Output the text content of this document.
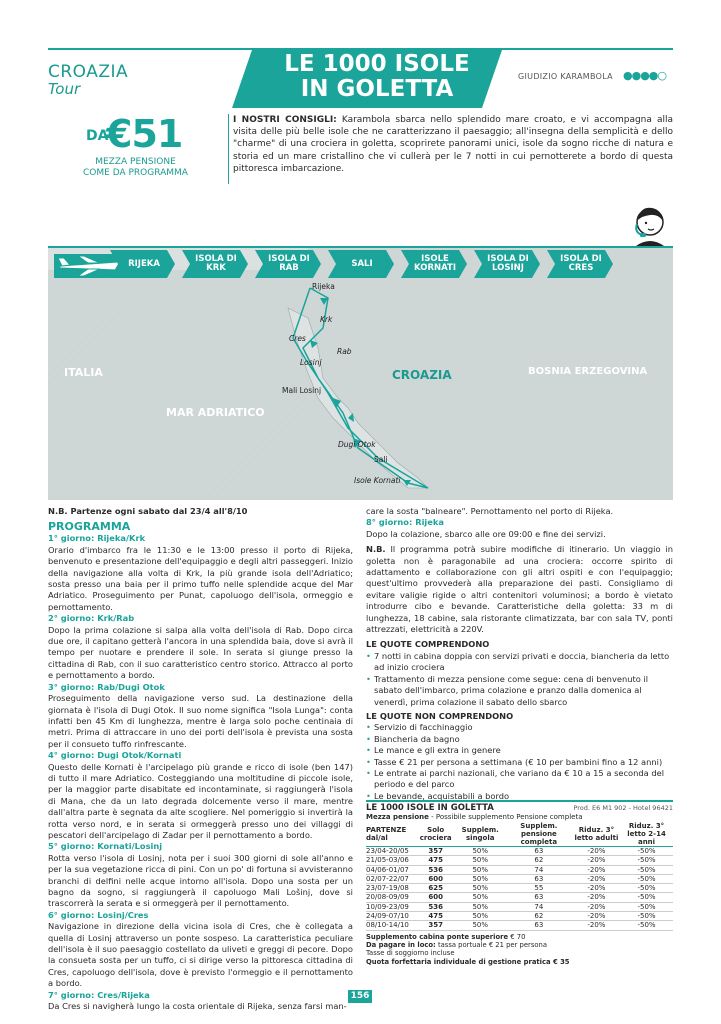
CROAZIA
Tour
LE 1000 ISOLE
IN GOLETTA	GIUDIZIO KARAMBOLA ●●●●○
DA
€51
MEZZA PENSIONE
COME DA PROGRAMMA
I NOSTRI CONSIGLI: Karambola sbarca nello splendido mare croato, e vi accompagna alla visita delle più belle isole che ne caratterizzano il paesaggio; all'insegna della semplicità e dello "charme" di una crociera in goletta, scoprirete panorami unici, isole da sogno ricche di natura e storia ed un mare cristallino che vi cullerà per le 7 notti in cui pernotterete a bordo di questa pittoresca imbarcazione.
RIJEKA	ISOLA DI KRK
ISOLA DI RAB	SALI	ISOLE KORNATI
ISOLA DI LOSINJ
ISOLA DI CRES
ITALIA	CROAZIA	BOSNIA ERZEGOVINA
MAR ADRIATICO
Rijeka
Krk
Cres
Rab
Losinj
Mali Losinj
Dugi Otok
Sali
Isole Kornati

N.B. Partenze ogni sabato dal 23/4 all'8/10

PROGRAMMA

1° giorno: Rijeka/Krk

Orario d'imbarco fra le 11:30 e le 13:00 presso il porto di Rijeka, benvenuto e presentazione dell'equipaggio e degli altri passeggeri. Inizio della navigazione alla volta di Krk, la più grande isola dell'Adriatico; sosta presso una baia per il primo tuffo nelle splendide acque del Mar Adriatico. Proseguimento per Punat, capoluogo dell'isola, ormeggio e pernottamento.

2° giorno: Krk/Rab

Dopo la prima colazione si salpa alla volta dell'isola di Rab. Dopo circa due ore, il capitano getterà l'ancora in una splendida baia, dove si avrà il tempo per nuotare e prendere il sole. In serata si giunge presso la cittadina di Rab, con il suo caratteristico centro storico. Attracco al porto e pernottamento a bordo.

3° giorno: Rab/Dugi Otok

Proseguimento della navigazione verso sud. La destinazione della giornata è l'isola di Dugi Otok. Il suo nome significa "Isola Lunga": conta infatti ben 45 Km di lunghezza, mentre è larga solo poche centinaia di metri. Prima di attraccare in uno dei porti dell'isola è prevista una sosta per il consueto tuffo rinfrescante.

4° giorno: Dugi Otok/Kornati

Questo delle Kornati è l'arcipelago più grande e ricco di isole (ben 147) di tutto il mare Adriatico. Costeggiando una moltitudine di piccole isole, per la maggior parte disabitate ed incontaminate, si raggiungerà l'isola di Mana, che da un lato degrada dolcemente verso il mare, mentre dall'altra parte è segnata da alte scogliere. Nel pomeriggio si invertirà la rotta verso nord, e in serata si ormeggerà presso uno dei villaggi di pescatori dell'arcipelago di Zadar per il pernottamento a bordo.

5° giorno: Kornati/Losinj

Rotta verso l'isola di Losinj, nota per i suoi 300 giorni di sole all'anno e per la sua vegetazione ricca di pini. Con un po' di fortuna si avvisteranno branchi di delfini nelle acque intorno all'isola. Dopo una sosta per un bagno da sogno, si raggiungerà il capoluogo Mali Lošinj, dove si trascorrerà la serata e si ormeggerà per il pernottamento.

6° giorno: Losinj/Cres

Navigazione in direzione della vicina isola di Cres, che è collegata a quella di Losinj attraverso un ponte sospeso. La caratteristica peculiare dell'isola è il suo paesaggio costellato da uliveti e greggi di pecore. Dopo la consueta sosta per un tuffo, ci si dirige verso la pittoresca cittadina di Cres, capoluogo dell'isola, dove è previsto l'ormeggio e il pernottamento a bordo.

7° giorno: Cres/Rijeka

Da Cres si navigherà lungo la costa orientale di Rijeka, senza farsi man-

care la sosta "balneare". Pernottamento nel porto di Rijeka.

8° giorno: Rijeka

Dopo la colazione, sbarco alle ore 09:00 e fine dei servizi.

N.B. Il programma potrà subire modifiche di itinerario. Un viaggio in goletta non è paragonabile ad una crociera: occorre spirito di adattamento e collaborazione con gli altri ospiti e con l'equipaggio; quest'ultimo provvederà alla preparazione dei pasti. Consigliamo di evitare valigie rigide o altri contenitori voluminosi; a bordo è vietato introdurre cibo e bevande. Caratteristiche della goletta: 33 m di lunghezza, 18 cabine, sala ristorante climatizzata, bar con sala TV, ponti attrezzati, elettricità a 220V.

LE QUOTE COMPRENDONO

• 7 notti in cabina doppia con servizi privati e doccia, biancheria da letto ad inizio crociera
• Trattamento di mezza pensione come segue: cena di benvenuto il sabato dell'imbarco, prima colazione e pranzo dalla domenica al venerdì, prima colazione il sabato dello sbarco

LE QUOTE NON COMPRENDONO

• Servizio di facchinaggio
• Biancheria da bagno
• Le mance e gli extra in genere
• Tasse € 21 per persona a settimana (€ 10 per bambini fino a 12 anni)
• Le entrate ai parchi nazionali, che variano da € 10 a 15 a seconda del periodo e del parco
• Le bevande, acquistabili a bordo
LE 1000 ISOLE IN GOLETTA	Prod. E6 M1 902 - Hotel 96421
Mezza pensione - Possibile supplemento Pensione completa
PARTENZE dal/al	Solo crociera	Supplem. singola	Supplem. pensione completa	Riduz. 3° letto adulti	Riduz. 3° letto 2-14 anni
23/04-20/05	357	50%	63	-20%	-50%
21/05-03/06	475	50%	62	-20%	-50%
04/06-01/07	536	50%	74	-20%	-50%
02/07-22/07	600	50%	63	-20%	-50%
23/07-19/08	625	50%	55	-20%	-50%
20/08-09/09	600	50%	63	-20%	-50%
10/09-23/09	536	50%	74	-20%	-50%
24/09-07/10	475	50%	62	-20%	-50%
08/10-14/10	357	50%	63	-20%	-50%
Supplemento cabina ponte superiore € 70
Da pagare in loco: tassa portuale € 21 per persona
Tasse di soggiorno incluse
Quota forfettaria individuale di gestione pratica € 35
156
